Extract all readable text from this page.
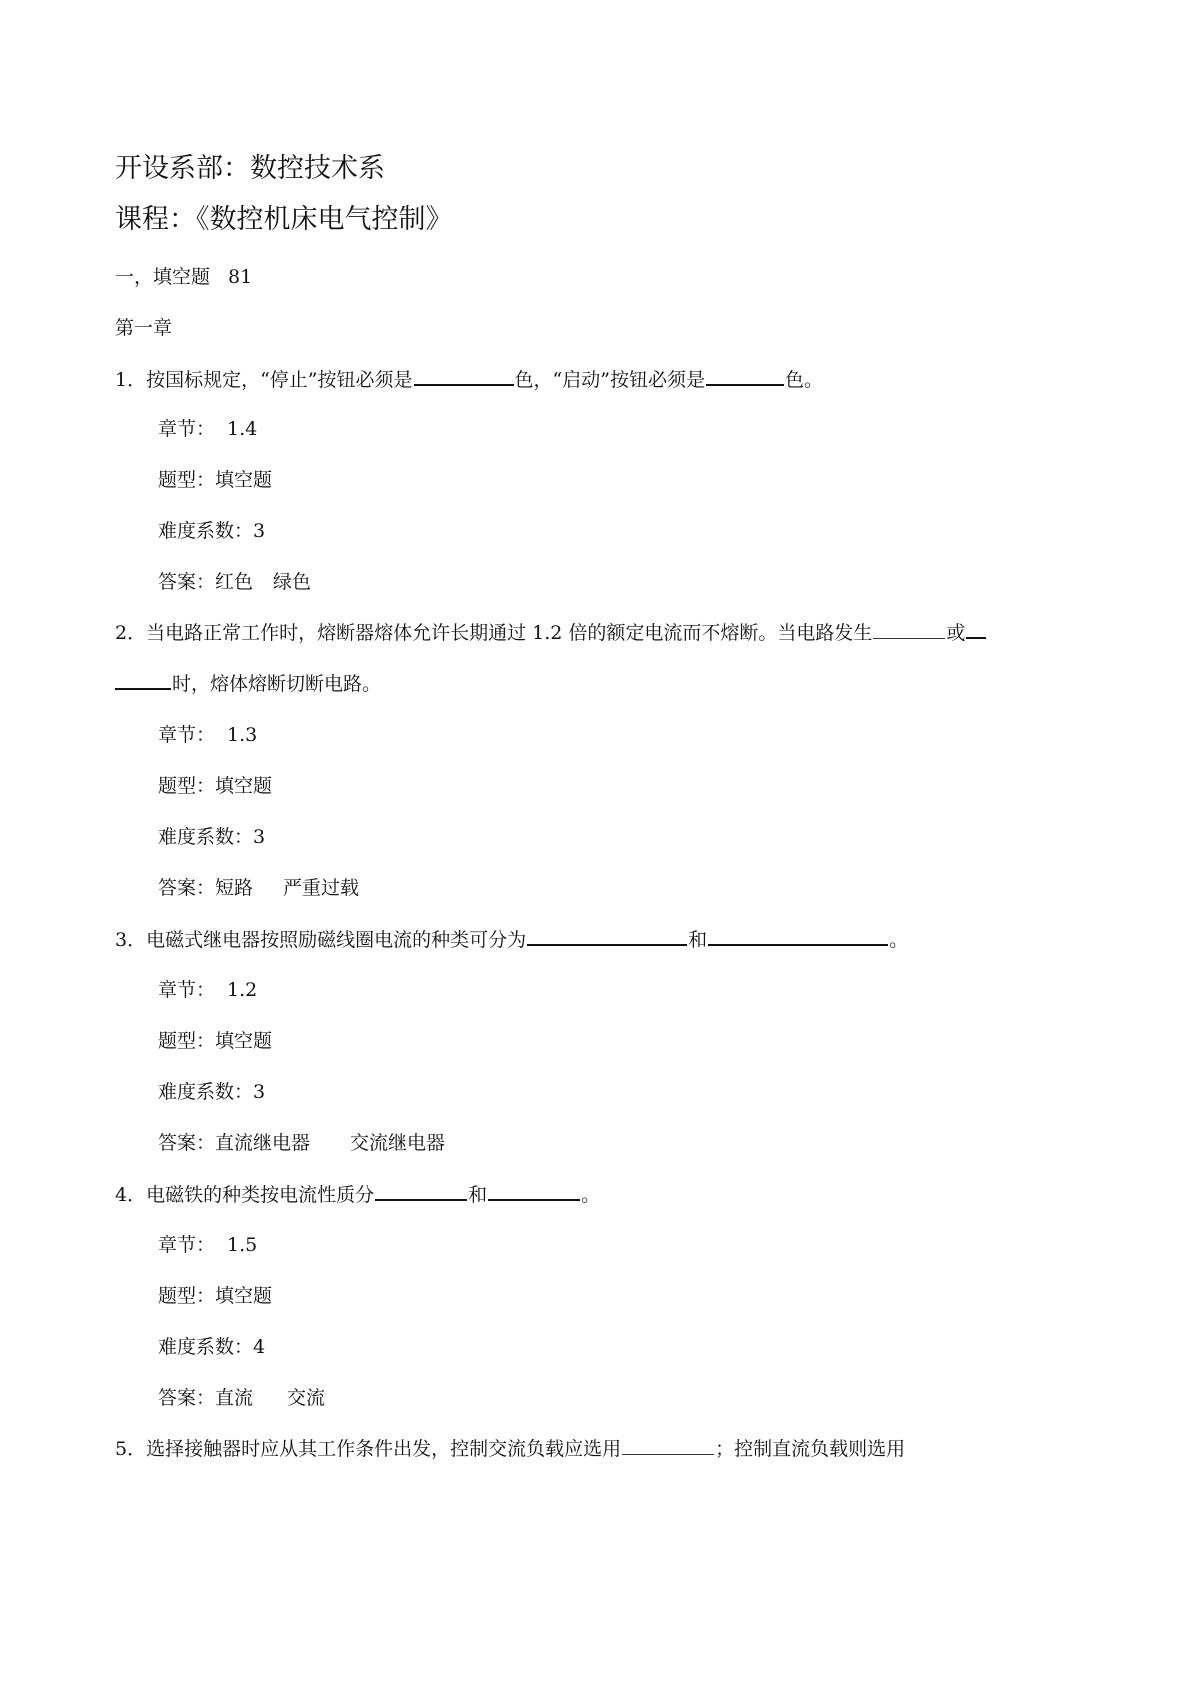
开设系部：数控技术系
课程：《数控机床电气控制》
一，填空题 81
第一章
1．按国标规定，“停止”按钮必须是	色，“启动”按钮必须是	色。
章节： 1.4
题型：填空题
难度系数：3
答案：红色 绿色
2．当电路正常工作时，熔断器熔体允许长期通过 1.2 倍的额定电流而不熔断。当电路发生	或
时，熔体熔断切断电路。
章节： 1.3
题型：填空题
难度系数：3
答案：短路 严重过载
3．电磁式继电器按照励磁线圈电流的种类可分为	和	。
章节： 1.2
题型：填空题
难度系数：3
答案：直流继电器 交流继电器
4．电磁铁的种类按电流性质分	和	。
章节： 1.5
题型：填空题
难度系数：4
答案：直流 交流
5．选择接触器时应从其工作条件出发，控制交流负载应选用	；控制直流负载则选用
